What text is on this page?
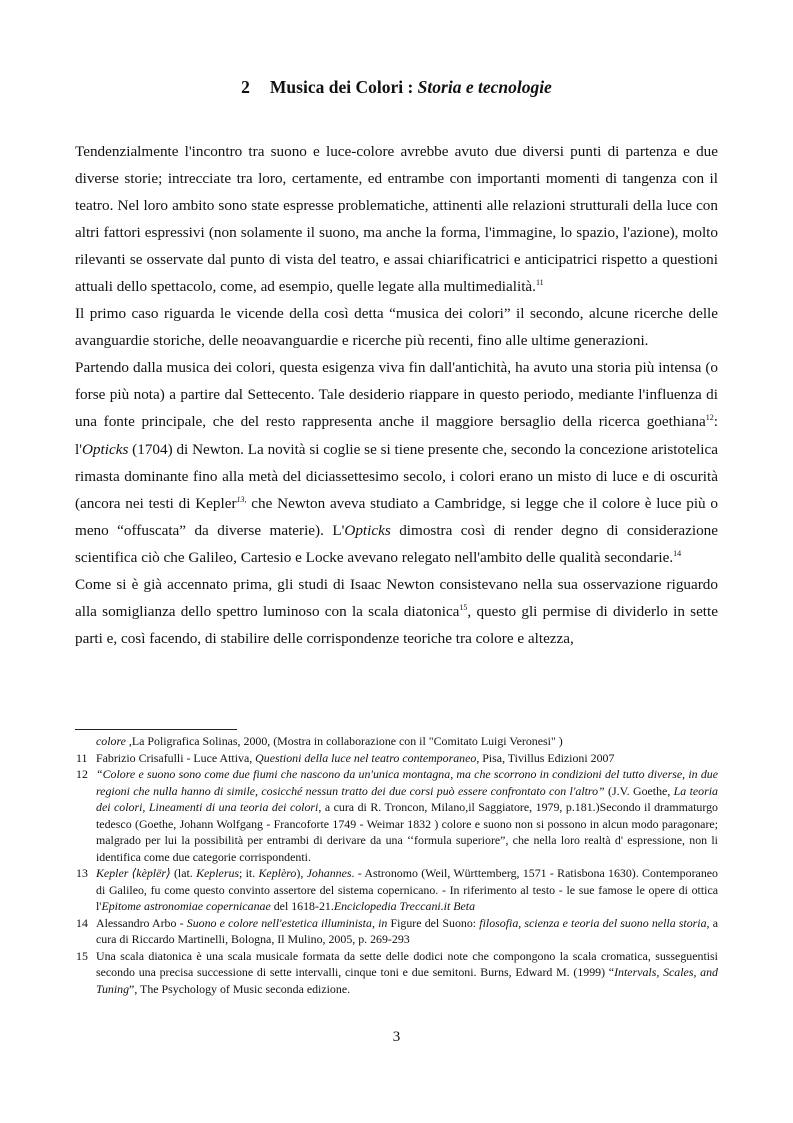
2 Musica dei Colori : Storia e tecnologie

Tendenzialmente l'incontro tra suono e luce-colore avrebbe avuto due diversi punti di partenza e due diverse storie; intrecciate tra loro, certamente, ed entrambe con importanti momenti di tangenza con il teatro. Nel loro ambito sono state espresse problematiche, attinenti alle relazioni strutturali della luce con altri fattori espressivi (non solamente il suono, ma anche la forma, l'immagine, lo spazio, l'azione), molto rilevanti se osservate dal punto di vista del teatro, e assai chiarificatrici e anticipatrici rispetto a questioni attuali dello spettacolo, come, ad esempio, quelle legate alla multimedialità.$^{11}$

Il primo caso riguarda le vicende della così detta “musica dei colori” il secondo, alcune ricerche delle avanguardie storiche, delle neoavanguardie e ricerche più recenti, fino alle ultime generazioni.

Partendo dalla musica dei colori, questa esigenza viva fin dall'antichità, ha avuto una storia più intensa (o forse più nota) a partire dal Settecento. Tale desiderio riappare in questo periodo, mediante l'influenza di una fonte principale, che del resto rappresenta anche il maggiore bersaglio della ricerca goethiana$^{12}$: l'Opticks (1704) di Newton. La novità si coglie se si tiene presente che, secondo la concezione aristotelica rimasta dominante fino alla metà del diciassettesimo secolo, i colori erano un misto di luce e di oscurità (ancora nei testi di Kepler$^{13,}$ che Newton aveva studiato a Cambridge, si legge che il colore è luce più o meno “offuscata” da diverse materie). L'Opticks dimostra così di render degno di considerazione scientifica ciò che Galileo, Cartesio e Locke avevano relegato nell'ambito delle qualità secondarie.$^{14}$

Come si è già accennato prima, gli studi di Isaac Newton consistevano nella sua osservazione riguardo alla somiglianza dello spettro luminoso con la scala diatonica$^{15}$, questo gli permise di dividerlo in sette parti e, così facendo, di stabilire delle corrispondenze teoriche tra colore e altezza,

colore ,La Poligrafica Solinas, 2000, (Mostra in collaborazione con il "Comitato Luigi Veronesi" )

11 Fabrizio Crisafulli - Luce Attiva, Questioni della luce nel teatro contemporaneo, Pisa, Tivillus Edizioni 2007

12 “Colore e suono sono come due fiumi che nascono da un'unica montagna, ma che scorrono in condizioni del tutto diverse, in due regioni che nulla hanno di simile, cosicché nessun tratto dei due corsi può essere confrontato con l'altro” (J.V. Goethe, La teoria dei colori, Lineamenti di una teoria dei colori, a cura di R. Troncon, Milano,il Saggiatore, 1979, p.181.)Secondo il drammaturgo tedesco (Goethe, Johann Wolfgang - Francoforte 1749 - Weimar 1832 ) colore e suono non si possono in alcun modo paragonare; malgrado per lui la possibilità per entrambi di derivare da una ‘‘formula superiore”, che nella loro realtà d' espressione, non li identifica come due categorie corrispondenti.

13 Kepler ⟨kèplër⟩ (lat. Keplerus; it. Keplèro), Johannes. - Astronomo (Weil, Württemberg, 1571 - Ratisbona 1630). Contemporaneo di Galileo, fu come questo convinto assertore del sistema copernicano. - In riferimento al testo - le sue famose le opere di ottica l'Epitome astronomiae copernicanae del 1618-21.Enciclopedia Treccani.it Beta

14 Alessandro Arbo - Suono e colore nell'estetica illuminista, in Figure del Suono: filosofia, scienza e teoria del suono nella storia, a cura di Riccardo Martinelli, Bologna, Il Mulino, 2005, p. 269-293

15 Una scala diatonica è una scala musicale formata da sette delle dodici note che compongono la scala cromatica, susseguentisi secondo una precisa successione di sette intervalli, cinque toni e due semitoni. Burns, Edward M. (1999) “Intervals, Scales, and Tuning”, The Psychology of Music seconda edizione.

3
